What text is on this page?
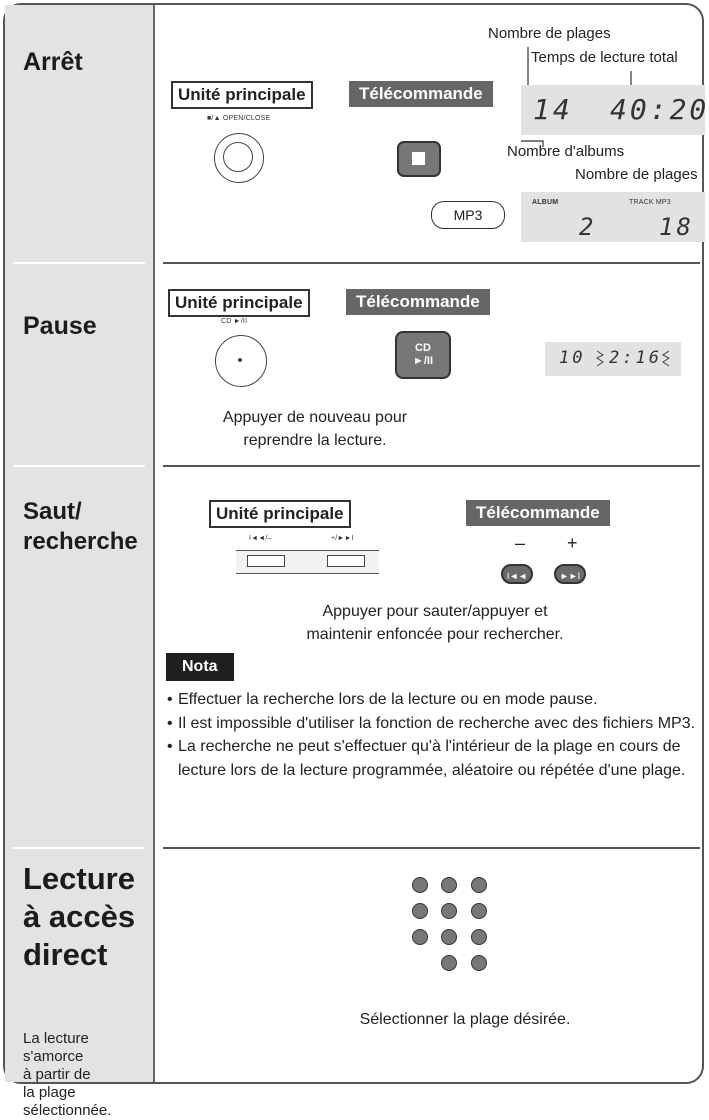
Arrêt
Nombre de plages
Temps de lecture total
Unité principale	Télécommande	14 40:20
■/▲ OPEN/CLOSE
Nombre d'albums
Nombre de plages
MP3
ALBUM	TRACK MP3
2	18
Pause
Unité principale	Télécommande
CD ►/II
CD
►/II	10 2:16
Appuyer de nouveau pour
reprendre la lecture.
Saut/
recherche
Unité principale	Télécommande
I◄◄/–	+/►►I	– +
I◄◄	►►I
Appuyer pour sauter/appuyer et
maintenir enfoncée pour rechercher.
Nota
• Effectuer la recherche lors de la lecture ou en mode pause.
• Il est impossible d'utiliser la fonction de recherche avec des fichiers MP3.
• La recherche ne peut s'effectuer qu'à l'intérieur de la plage en cours de lecture lors de la lecture programmée, aléatoire ou répétée d'une plage.
Lecture
à accès
direct
La lecture
s'amorce
à partir de
la plage
sélectionnée.
Sélectionner la plage désirée.
